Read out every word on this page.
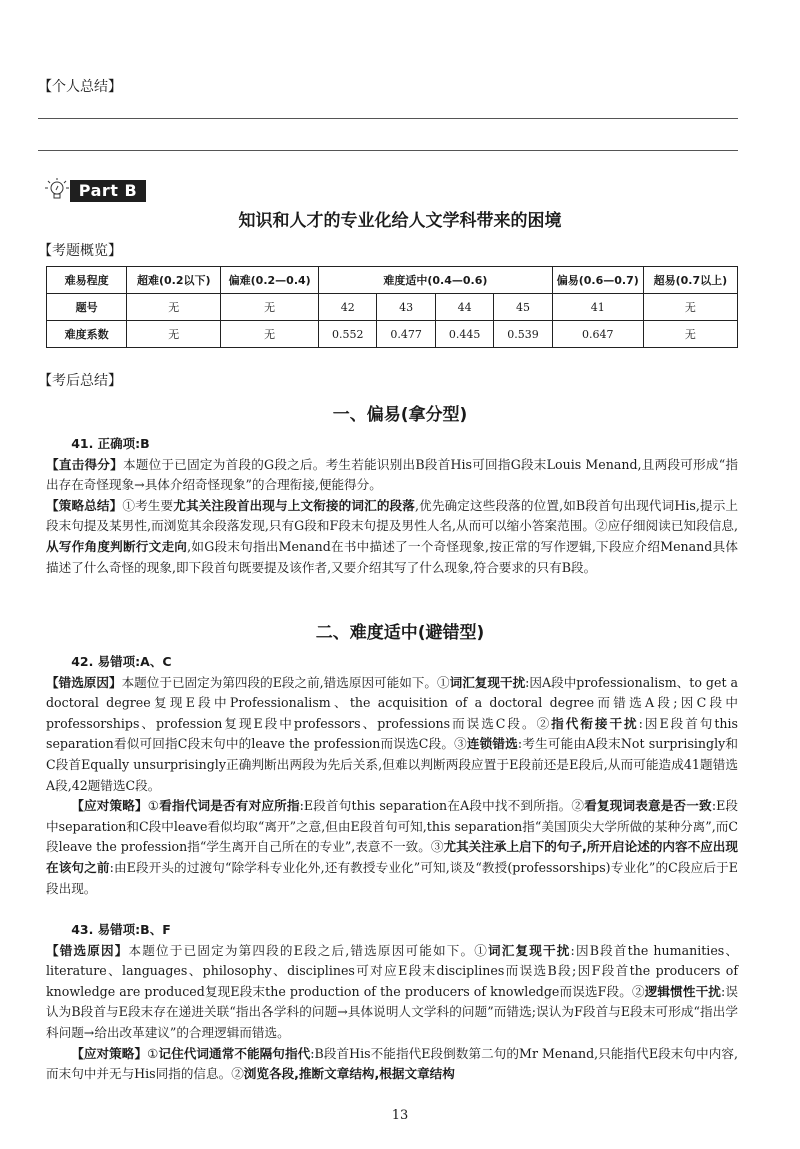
【个人总结】
Part B
知识和人才的专业化给人文学科带来的困境
【考题概览】
难易程度	超难(0.2以下)	偏难(0.2—0.4)	难度适中(0.4—0.6)				偏易(0.6—0.7)	超易(0.7以上)
题号	无	无	42	43	44	45	41	无
难度系数	无	无	0.552	0.477	0.445	0.539	0.647	无
【考后总结】
一、偏易(拿分型)

41. 正确项:B

【直击得分】本题位于已固定为首段的G段之后。考生若能识别出B段首His可回指G段末Louis Menand,且两段可形成“指出存在奇怪现象→具体介绍奇怪现象”的合理衔接,便能得分。

【策略总结】①考生要尤其关注段首出现与上文衔接的词汇的段落,优先确定这些段落的位置,如B段首句出现代词His,提示上段末句提及某男性,而浏览其余段落发现,只有G段和F段末句提及男性人名,从而可以缩小答案范围。②应仔细阅读已知段信息,从写作角度判断行文走向,如G段末句指出Menand在书中描述了一个奇怪现象,按正常的写作逻辑,下段应介绍Menand具体描述了什么奇怪的现象,即下段首句既要提及该作者,又要介绍其写了什么现象,符合要求的只有B段。

二、难度适中(避错型)

42. 易错项:A、C

【错选原因】本题位于已固定为第四段的E段之前,错选原因可能如下。①词汇复现干扰:因A段中professionalism、to get a doctoral degree复现E段中Professionalism、the acquisition of a doctoral degree而错选A段;因C段中professorships、profession复现E段中professors、professions而误选C段。②指代衔接干扰:因E段首句this separation看似可回指C段末句中的leave the profession而误选C段。③连锁错选:考生可能由A段末Not surprisingly和C段首Equally unsurprisingly正确判断出两段为先后关系,但难以判断两段应置于E段前还是E段后,从而可能造成41题错选A段,42题错选C段。

【应对策略】①看指代词是否有对应所指:E段首句this separation在A段中找不到所指。②看复现词表意是否一致:E段中separation和C段中leave看似均取“离开”之意,但由E段首句可知,this separation指“美国顶尖大学所做的某种分离”,而C段leave the profession指“学生离开自己所在的专业”,表意不一致。③尤其关注承上启下的句子,所开启论述的内容不应出现在该句之前:由E段开头的过渡句“除学科专业化外,还有教授专业化”可知,谈及“教授(professorships)专业化”的C段应后于E段出现。

43. 易错项:B、F

【错选原因】本题位于已固定为第四段的E段之后,错选原因可能如下。①词汇复现干扰:因B段首the humanities、literature、languages、philosophy、disciplines可对应E段末disciplines而误选B段;因F段首the producers of knowledge are produced复现E段末the production of the producers of knowledge而误选F段。②逻辑惯性干扰:误认为B段首与E段末存在递进关联“指出各学科的问题→具体说明人文学科的问题”而错选;误认为F段首与E段末可形成“指出学科问题→给出改革建议”的合理逻辑而错选。

【应对策略】①记住代词通常不能隔句指代:B段首His不能指代E段倒数第二句的Mr Menand,只能指代E段末句中内容,而末句中并无与His同指的信息。②浏览各段,推断文章结构,根据文章结构

13
